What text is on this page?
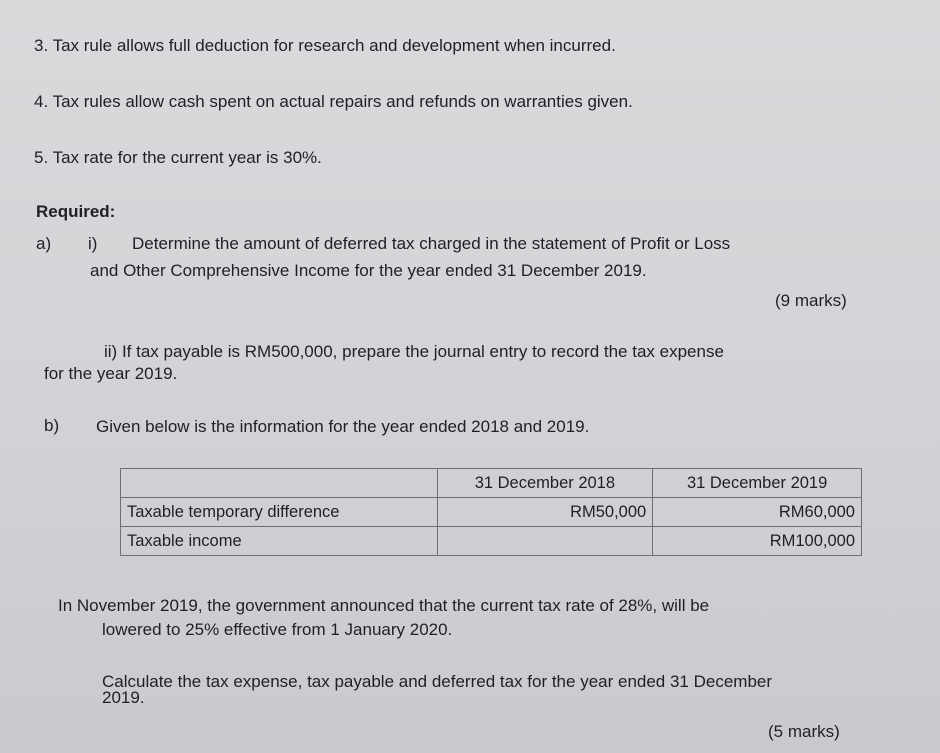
3. Tax rule allows full deduction for research and development when incurred.
4. Tax rules allow cash spent on actual repairs and refunds on warranties given.
5. Tax rate for the current year is 30%.
Required:
a) i) Determine the amount of deferred tax charged in the statement of Profit or Loss
and Other Comprehensive Income for the year ended 31 December 2019.
(9 marks)
ii) If tax payable is RM500,000, prepare the journal entry to record the tax expense
for the year 2019.
b) Given below is the information for the year ended 2018 and 2019.
	31 December 2018	31 December 2019
Taxable temporary difference	RM50,000	RM60,000
Taxable income		RM100,000
In November 2019, the government announced that the current tax rate of 28%, will be
lowered to 25% effective from 1 January 2020.
Calculate the tax expense, tax payable and deferred tax for the year ended 31 December
2019.
(5 marks)
